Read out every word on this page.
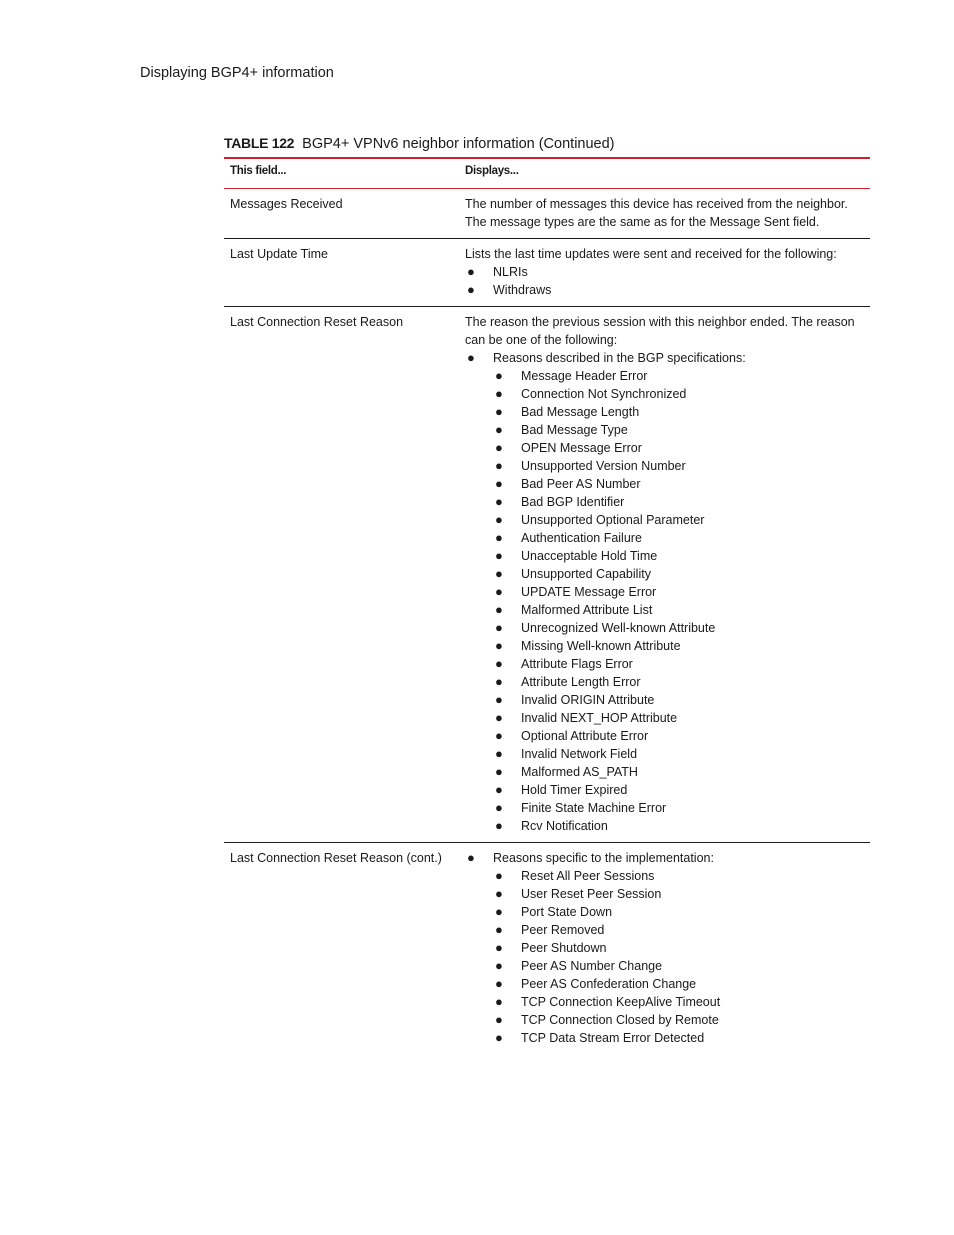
Displaying BGP4+ information
TABLE 122 BGP4+ VPNv6 neighbor information (Continued)
This field...	Displays...
Messages Received	The number of messages this device has received from the neighbor. The message types are the same as for the Message Sent field.

Last Update Time	Lists the last time updates were sent and received for the following:

● NLRIs
● Withdraws
Last Connection Reset Reason	The reason the previous session with this neighbor ended. The reason can be one of the following:

● Reasons described in the BGP specifications:
● Message Header Error
● Connection Not Synchronized
● Bad Message Length
● Bad Message Type
● OPEN Message Error
● Unsupported Version Number
● Bad Peer AS Number
● Bad BGP Identifier
● Unsupported Optional Parameter
● Authentication Failure
● Unacceptable Hold Time
● Unsupported Capability
● UPDATE Message Error
● Malformed Attribute List
● Unrecognized Well-known Attribute
● Missing Well-known Attribute
● Attribute Flags Error
● Attribute Length Error
● Invalid ORIGIN Attribute
● Invalid NEXT_HOP Attribute
● Optional Attribute Error
● Invalid Network Field
● Malformed AS_PATH
● Hold Timer Expired
● Finite State Machine Error
● Rcv Notification
Last Connection Reset Reason (cont.)	● Reasons specific to the implementation:
● Reset All Peer Sessions
● User Reset Peer Session
● Port State Down
● Peer Removed
● Peer Shutdown
● Peer AS Number Change
● Peer AS Confederation Change
● TCP Connection KeepAlive Timeout
● TCP Connection Closed by Remote
● TCP Data Stream Error Detected
